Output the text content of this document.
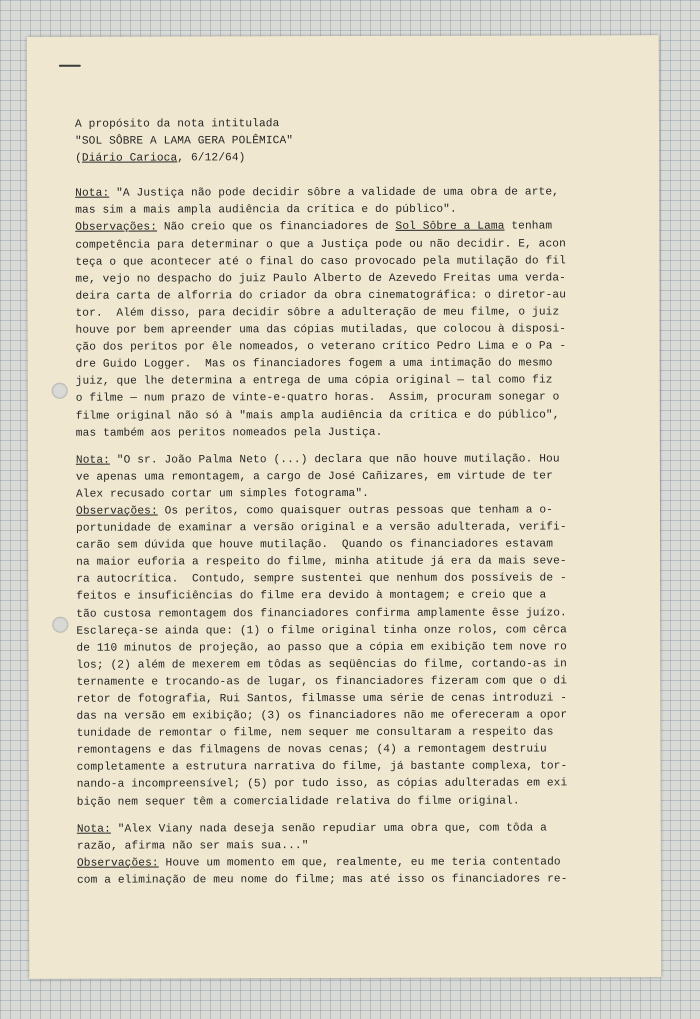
A propósito da nota intitulada
"SOL SÔBRE A LAMA GERA POLÊMICA"
(Diário Carioca, 6/12/64)
Nota: "A Justiça não pode decidir sôbre a validade de uma obra de arte,
mas sim a mais ampla audiência da crítica e do público".
Observações: Não creio que os financiadores de Sol Sôbre a Lama tenham
competência para determinar o que a Justiça pode ou não decidir. E, acon
teça o que acontecer até o final do caso provocado pela mutilação do fil
me, vejo no despacho do juiz Paulo Alberto de Azevedo Freitas uma verda-
deira carta de alforria do criador da obra cinematográfica: o diretor-au
tor.  Além disso, para decidir sôbre a adulteração de meu filme, o juiz
houve por bem apreender uma das cópias mutiladas, que colocou à disposi-
ção dos peritos por êle nomeados, o veterano crítico Pedro Lima e o Pa -
dre Guido Logger.  Mas os financiadores fogem a uma intimação do mesmo
juiz, que lhe determina a entrega de uma cópia original — tal como fiz
o filme — num prazo de vinte-e-quatro horas.  Assim, procuram sonegar o
filme original não só à "mais ampla audiência da crítica e do público",
mas também aos peritos nomeados pela Justiça.
Nota: "O sr. João Palma Neto (...) declara que não houve mutilação. Hou
ve apenas uma remontagem, a cargo de José Cañizares, em virtude de ter
Alex recusado cortar um simples fotograma".
Observações: Os peritos, como quaisquer outras pessoas que tenham a o-
portunidade de examinar a versão original e a versão adulterada, verifi-
carão sem dúvida que houve mutilação.  Quando os financiadores estavam
na maior euforia a respeito do filme, minha atitude já era da mais seve-
ra autocrítica.  Contudo, sempre sustentei que nenhum dos possíveis de -
feitos e insuficiências do filme era devido à montagem; e creio que a
tão custosa remontagem dos financiadores confirma amplamente êsse juízo.
Esclareça-se ainda que: (1) o filme original tinha onze rolos, com cêrca
de 110 minutos de projeção, ao passo que a cópia em exibição tem nove ro
los; (2) além de mexerem em tôdas as seqüências do filme, cortando-as in
ternamente e trocando-as de lugar, os financiadores fizeram com que o di
retor de fotografia, Rui Santos, filmasse uma série de cenas introduzi -
das na versão em exibição; (3) os financiadores não me ofereceram a opor
tunidade de remontar o filme, nem sequer me consultaram a respeito das
remontagens e das filmagens de novas cenas; (4) a remontagem destruiu
completamente a estrutura narrativa do filme, já bastante complexa, tor-
nando-a incompreensível; (5) por tudo isso, as cópias adulteradas em exi
bição nem sequer têm a comercialidade relativa do filme original.
Nota: "Alex Viany nada deseja senão repudiar uma obra que, com tôda a
razão, afirma não ser mais sua..."
Observações: Houve um momento em que, realmente, eu me teria contentado
com a eliminação de meu nome do filme; mas até isso os financiadores re-
